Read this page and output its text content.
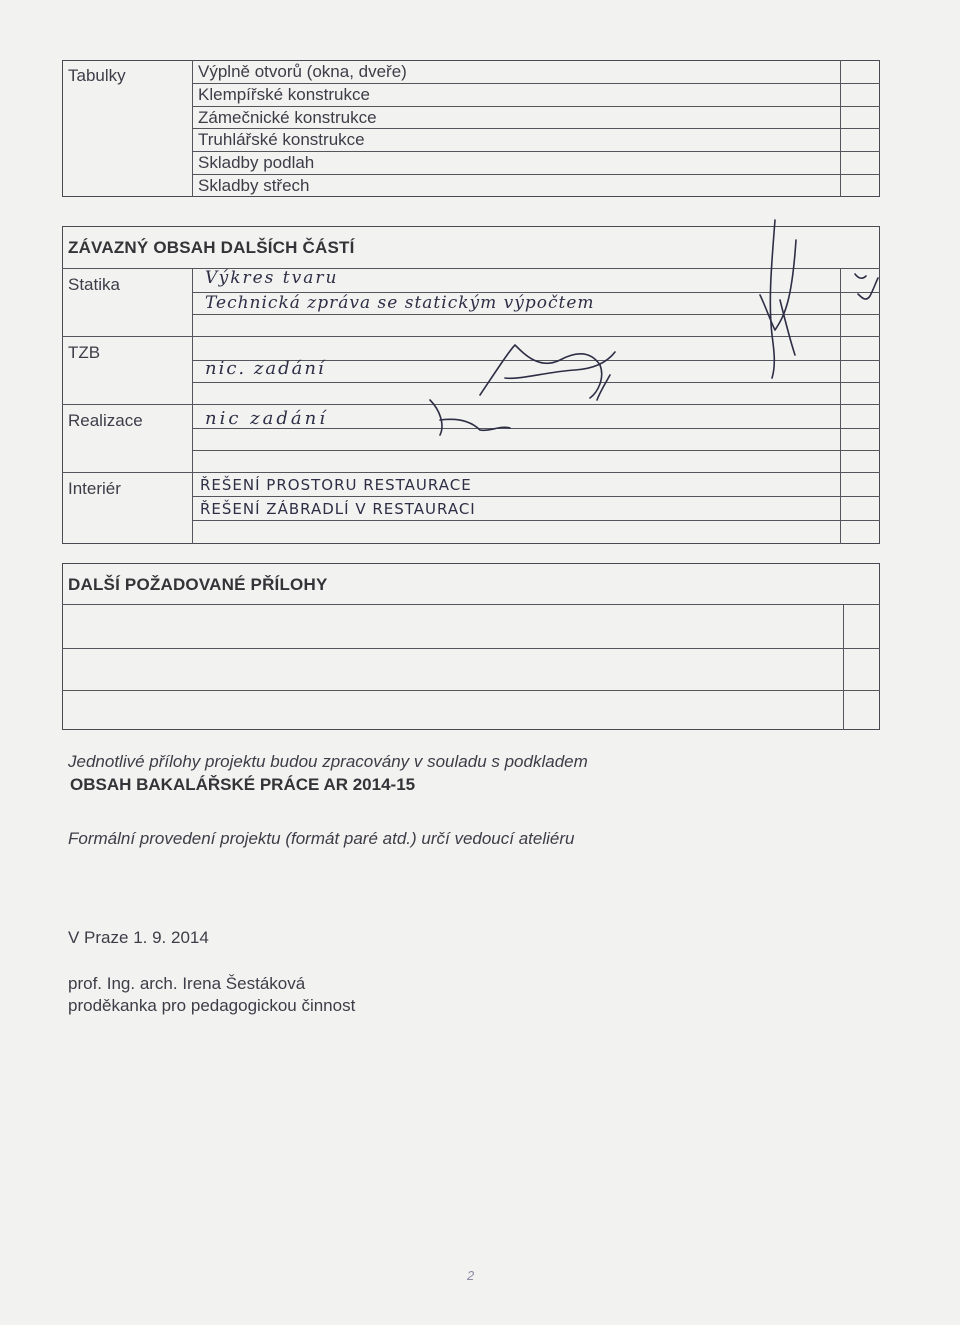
Tabulky	Výplně otvorů (okna, dveře)
Klempířské konstrukce
Zámečnické konstrukce
Truhlářské konstrukce
Skladby podlah
Skladby střech
ZÁVAZNÝ OBSAH DALŠÍCH ČÁSTÍ
Statika
TZB
Realizace
Interiér
Výkres tvaru
Technická zpráva se statickým výpočtem
nic. zadání
nic zadání
ŘEŠENÍ PROSTORU RESTAURACE
ŘEŠENÍ ZÁBRADLÍ V RESTAURACI
DALŠÍ POŽADOVANÉ PŘÍLOHY
Jednotlivé přílohy projektu budou zpracovány v souladu s podkladem
OBSAH BAKALÁŘSKÉ PRÁCE AR 2014-15
Formální provedení projektu (formát paré atd.) určí vedoucí ateliéru
V Praze 1. 9. 2014
prof. Ing. arch. Irena Šestáková
proděkanka pro pedagogickou činnost
2
